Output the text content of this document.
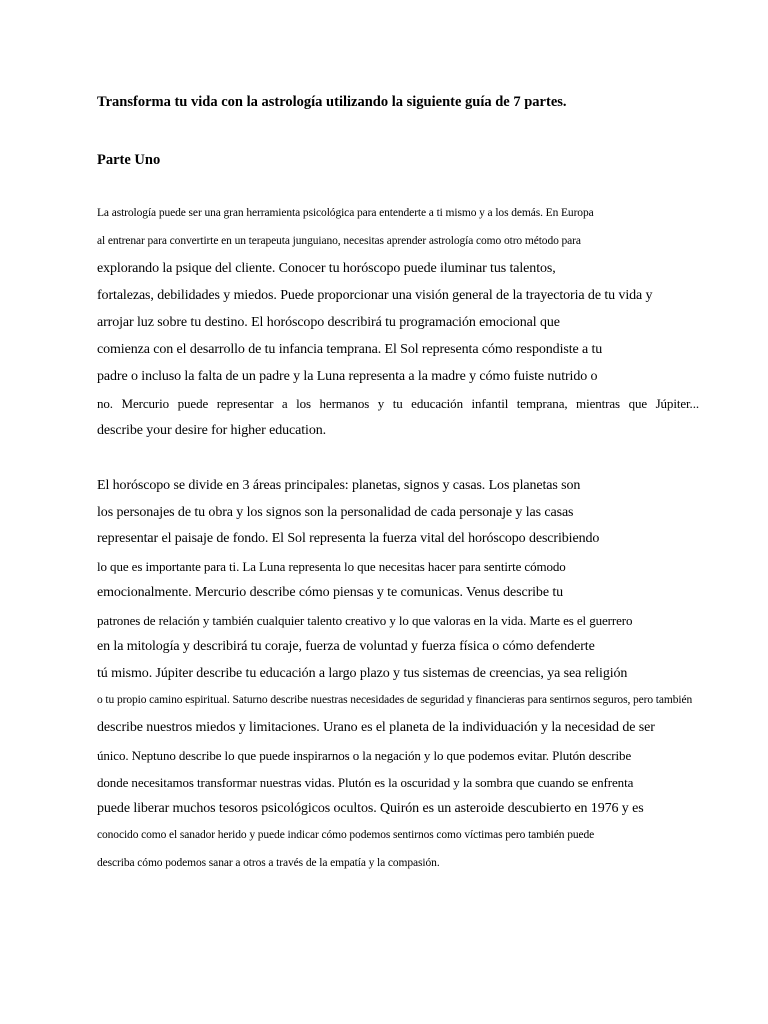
Transforma tu vida con la astrología utilizando la siguiente guía de 7 partes.
Parte Uno
La astrología puede ser una gran herramienta psicológica para entenderte a ti mismo y a los demás. En Europa
al entrenar para convertirte en un terapeuta junguiano, necesitas aprender astrología como otro método para
explorando la psique del cliente. Conocer tu horóscopo puede iluminar tus talentos,
fortalezas, debilidades y miedos. Puede proporcionar una visión general de la trayectoria de tu vida y
arrojar luz sobre tu destino. El horóscopo describirá tu programación emocional que
comienza con el desarrollo de tu infancia temprana. El Sol representa cómo respondiste a tu
padre o incluso la falta de un padre y la Luna representa a la madre y cómo fuiste nutrido o
no. Mercurio puede representar a los hermanos y tu educación infantil temprana, mientras que Júpiter...
describe your desire for higher education.
El horóscopo se divide en 3 áreas principales: planetas, signos y casas. Los planetas son
los personajes de tu obra y los signos son la personalidad de cada personaje y las casas
representar el paisaje de fondo. El Sol representa la fuerza vital del horóscopo describiendo
lo que es importante para ti. La Luna representa lo que necesitas hacer para sentirte cómodo
emocionalmente. Mercurio describe cómo piensas y te comunicas. Venus describe tu
patrones de relación y también cualquier talento creativo y lo que valoras en la vida. Marte es el guerrero
en la mitología y describirá tu coraje, fuerza de voluntad y fuerza física o cómo defenderte
tú mismo. Júpiter describe tu educación a largo plazo y tus sistemas de creencias, ya sea religión
o tu propio camino espiritual. Saturno describe nuestras necesidades de seguridad y financieras para sentirnos seguros, pero también
describe nuestros miedos y limitaciones. Urano es el planeta de la individuación y la necesidad de ser
único. Neptuno describe lo que puede inspirarnos o la negación y lo que podemos evitar. Plutón describe
donde necesitamos transformar nuestras vidas. Plutón es la oscuridad y la sombra que cuando se enfrenta
puede liberar muchos tesoros psicológicos ocultos. Quirón es un asteroide descubierto en 1976 y es
conocido como el sanador herido y puede indicar cómo podemos sentirnos como víctimas pero también puede
describa cómo podemos sanar a otros a través de la empatía y la compasión.
